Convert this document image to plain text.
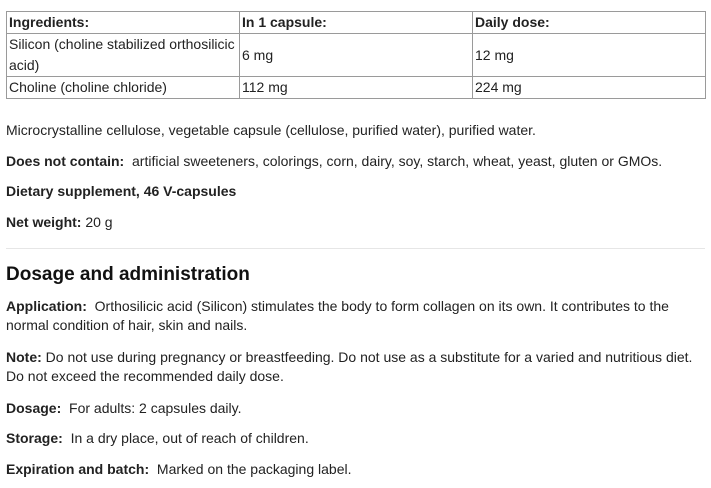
Ingredients:	In 1 capsule:	Daily dose:
Silicon (choline stabilized orthosilicic acid)	6 mg	12 mg
Choline (choline chloride)	112 mg	224 mg

Microcrystalline cellulose, vegetable capsule (cellulose, purified water), purified water.

Does not contain: artificial sweeteners, colorings, corn, dairy, soy, starch, wheat, yeast, gluten or GMOs.

Dietary supplement, 46 V-capsules

Net weight: 20 g

Dosage and administration

Application: Orthosilicic acid (Silicon) stimulates the body to form collagen on its own. It contributes to the normal condition of hair, skin and nails.

Note: Do not use during pregnancy or breastfeeding. Do not use as a substitute for a varied and nutritious diet. Do not exceed the recommended daily dose.

Dosage: For adults: 2 capsules daily.

Storage: In a dry place, out of reach of children.

Expiration and batch: Marked on the packaging label.
